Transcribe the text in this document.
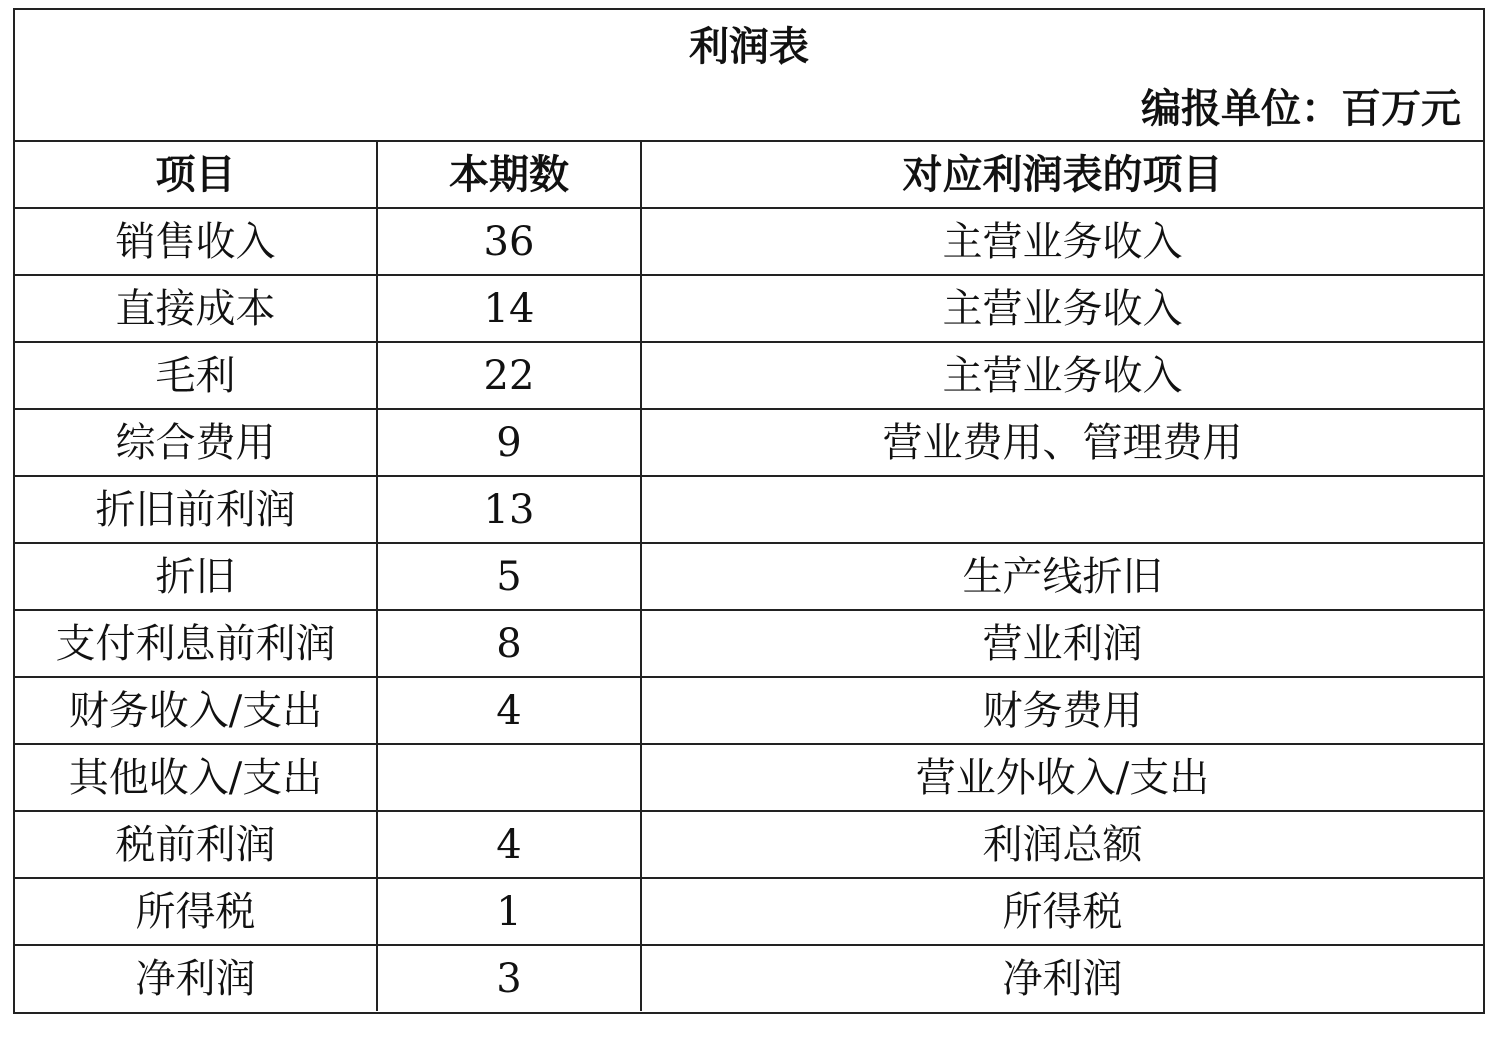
利润表
编报单位：百万元
项目	本期数	对应利润表的项目
销售收入	36	主营业务收入
直接成本	14	主营业务收入
毛利	22	主营业务收入
综合费用	9	营业费用、管理费用
折旧前利润	13	
折旧	5	生产线折旧
支付利息前利润	8	营业利润
财务收入/支出	4	财务费用
其他收入/支出		营业外收入/支出
税前利润	4	利润总额
所得税	1	所得税
净利润	3	净利润
